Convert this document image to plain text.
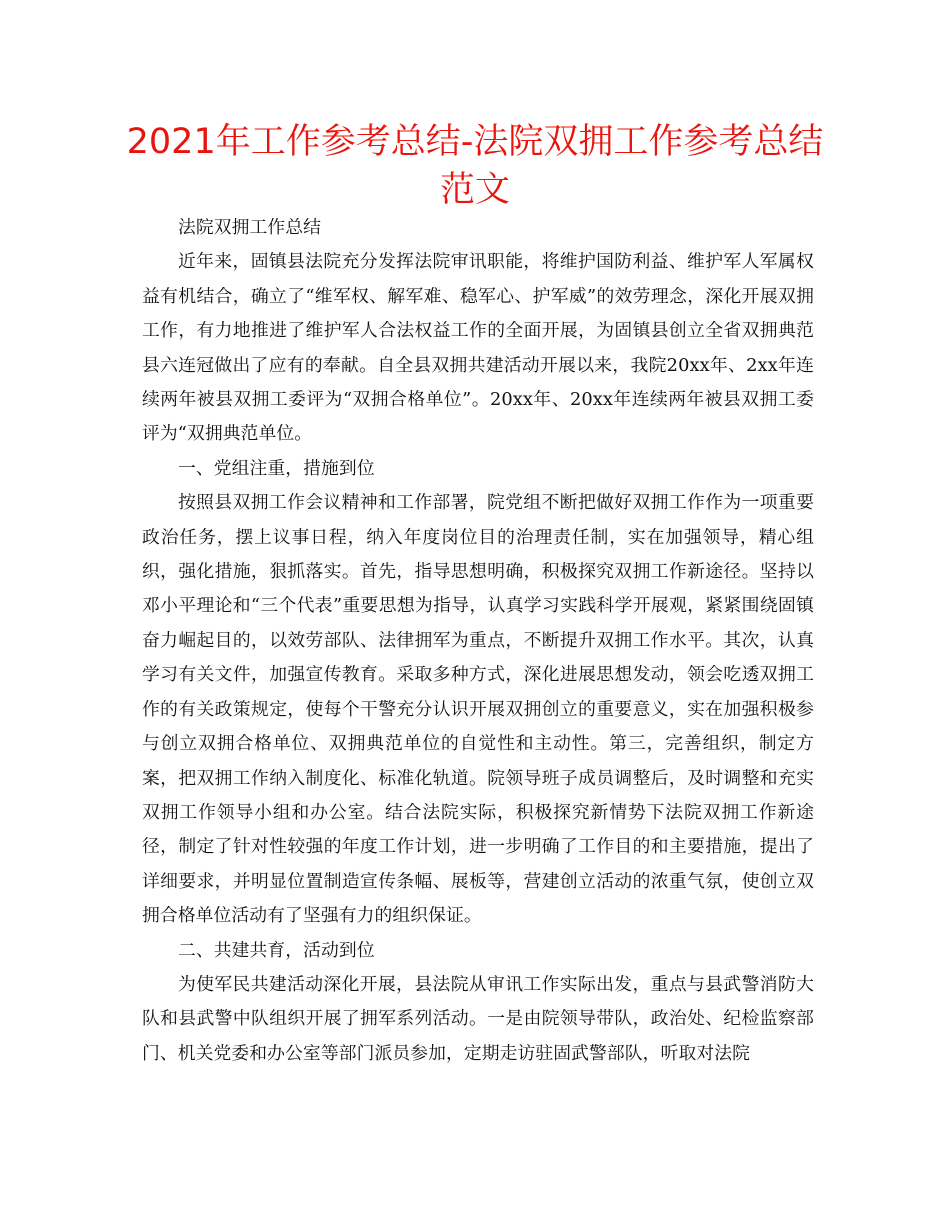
2021年工作参考总结-法院双拥工作参考总结范文

法院双拥工作总结

近年来，固镇县法院充分发挥法院审讯职能，将维护国防利益、维护军人军属权益有机结合，确立了“维军权、解军难、稳军心、护军威”的效劳理念，深化开展双拥工作，有力地推进了维护军人合法权益工作的全面开展，为固镇县创立全省双拥典范县六连冠做出了应有的奉献。自全县双拥共建活动开展以来，我院20xx年、2xx年连续两年被县双拥工委评为“双拥合格单位”。20xx年、20xx年连续两年被县双拥工委评为“双拥典范单位。

一、党组注重，措施到位

按照县双拥工作会议精神和工作部署，院党组不断把做好双拥工作作为一项重要政治任务，摆上议事日程，纳入年度岗位目的治理责任制，实在加强领导，精心组织，强化措施，狠抓落实。首先，指导思想明确，积极探究双拥工作新途径。坚持以邓小平理论和“三个代表”重要思想为指导，认真学习实践科学开展观，紧紧围绕固镇奋力崛起目的，以效劳部队、法律拥军为重点，不断提升双拥工作水平。其次，认真学习有关文件，加强宣传教育。采取多种方式，深化进展思想发动，领会吃透双拥工作的有关政策规定，使每个干警充分认识开展双拥创立的重要意义，实在加强积极参与创立双拥合格单位、双拥典范单位的自觉性和主动性。第三，完善组织，制定方案，把双拥工作纳入制度化、标准化轨道。院领导班子成员调整后，及时调整和充实双拥工作领导小组和办公室。结合法院实际，积极探究新情势下法院双拥工作新途径，制定了针对性较强的年度工作计划，进一步明确了工作目的和主要措施，提出了详细要求，并明显位置制造宣传条幅、展板等，营建创立活动的浓重气氛，使创立双拥合格单位活动有了坚强有力的组织保证。

二、共建共育，活动到位

为使军民共建活动深化开展，县法院从审讯工作实际出发，重点与县武警消防大队和县武警中队组织开展了拥军系列活动。一是由院领导带队，政治处、纪检监察部门、机关党委和办公室等部门派员参加，定期走访驻固武警部队，听取对法院
